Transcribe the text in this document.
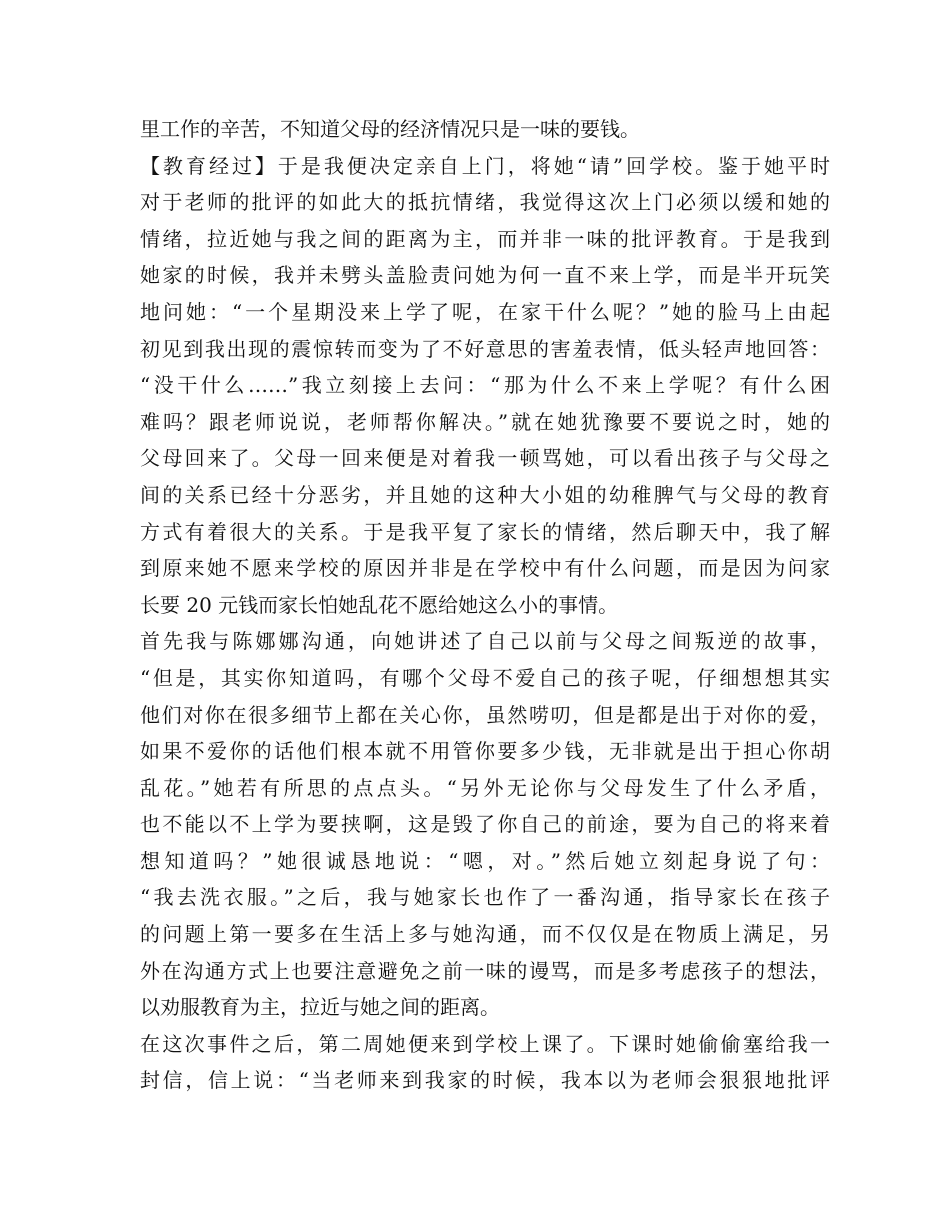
里工作的辛苦，不知道父母的经济情况只是一味的要钱。
【教育经过】于是我便决定亲自上门，将她“请”回学校。鉴于她平时
对于老师的批评的如此大的抵抗情绪，我觉得这次上门必须以缓和她的
情绪，拉近她与我之间的距离为主，而并非一味的批评教育。于是我到
她家的时候，我并未劈头盖脸责问她为何一直不来上学，而是半开玩笑
地问她：“一个星期没来上学了呢，在家干什么呢？”她的脸马上由起
初见到我出现的震惊转而变为了不好意思的害羞表情，低头轻声地回答：
“没干什么……”我立刻接上去问：“那为什么不来上学呢？有什么困
难吗？跟老师说说，老师帮你解决。”就在她犹豫要不要说之时，她的
父母回来了。父母一回来便是对着我一顿骂她，可以看出孩子与父母之
间的关系已经十分恶劣，并且她的这种大小姐的幼稚脾气与父母的教育
方式有着很大的关系。于是我平复了家长的情绪，然后聊天中，我了解
到原来她不愿来学校的原因并非是在学校中有什么问题，而是因为问家
长要 20 元钱而家长怕她乱花不愿给她这么小的事情。
首先我与陈娜娜沟通，向她讲述了自己以前与父母之间叛逆的故事，
“但是，其实你知道吗，有哪个父母不爱自己的孩子呢，仔细想想其实
他们对你在很多细节上都在关心你，虽然唠叨，但是都是出于对你的爱，
如果不爱你的话他们根本就不用管你要多少钱，无非就是出于担心你胡
乱花。”她若有所思的点点头。“另外无论你与父母发生了什么矛盾，
也不能以不上学为要挟啊，这是毁了你自己的前途，要为自己的将来着
想知道吗？”她很诚恳地说：“嗯，对。”然后她立刻起身说了句：
“我去洗衣服。”之后，我与她家长也作了一番沟通，指导家长在孩子
的问题上第一要多在生活上多与她沟通，而不仅仅是在物质上满足，另
外在沟通方式上也要注意避免之前一味的谩骂，而是多考虑孩子的想法，
以劝服教育为主，拉近与她之间的距离。
在这次事件之后，第二周她便来到学校上课了。下课时她偷偷塞给我一
封信，信上说：“当老师来到我家的时候，我本以为老师会狠狠地批评
